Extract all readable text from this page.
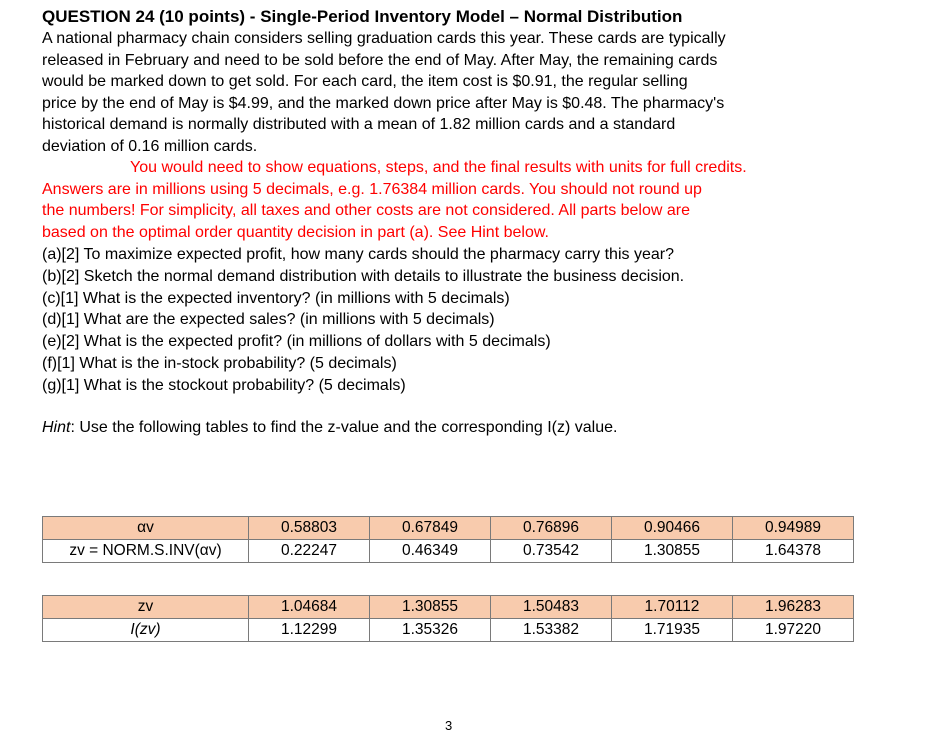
QUESTION 24 (10 points) - Single-Period Inventory Model – Normal Distribution

A national pharmacy chain considers selling graduation cards this year. These cards are typically
released in February and need to be sold before the end of May. After May, the remaining cards
would be marked down to get sold. For each card, the item cost is $0.91, the regular selling
price by the end of May is $4.99, and the marked down price after May is $0.48. The pharmacy's
historical demand is normally distributed with a mean of 1.82 million cards and a standard
deviation of 0.16 million cards.

You would need to show equations, steps, and the final results with units for full credits.
Answers are in millions using 5 decimals, e.g. 1.76384 million cards. You should not round up
the numbers! For simplicity, all taxes and other costs are not considered. All parts below are
based on the optimal order quantity decision in part (a). See Hint below.

(a)[2] To maximize expected profit, how many cards should the pharmacy carry this year?
(b)[2] Sketch the normal demand distribution with details to illustrate the business decision.
(c)[1] What is the expected inventory? (in millions with 5 decimals)
(d)[1] What are the expected sales? (in millions with 5 decimals)
(e)[2] What is the expected profit? (in millions of dollars with 5 decimals)
(f)[1] What is the in-stock probability? (5 decimals)
(g)[1] What is the stockout probability? (5 decimals)
Hint: Use the following tables to find the z-value and the corresponding I(z) value.
αv	0.58803	0.67849	0.76896	0.90466	0.94989
zv = NORM.S.INV(αv)	0.22247	0.46349	0.73542	1.30855	1.64378
zv	1.04684	1.30855	1.50483	1.70112	1.96283
I(zv)	1.12299	1.35326	1.53382	1.71935	1.97220
3
